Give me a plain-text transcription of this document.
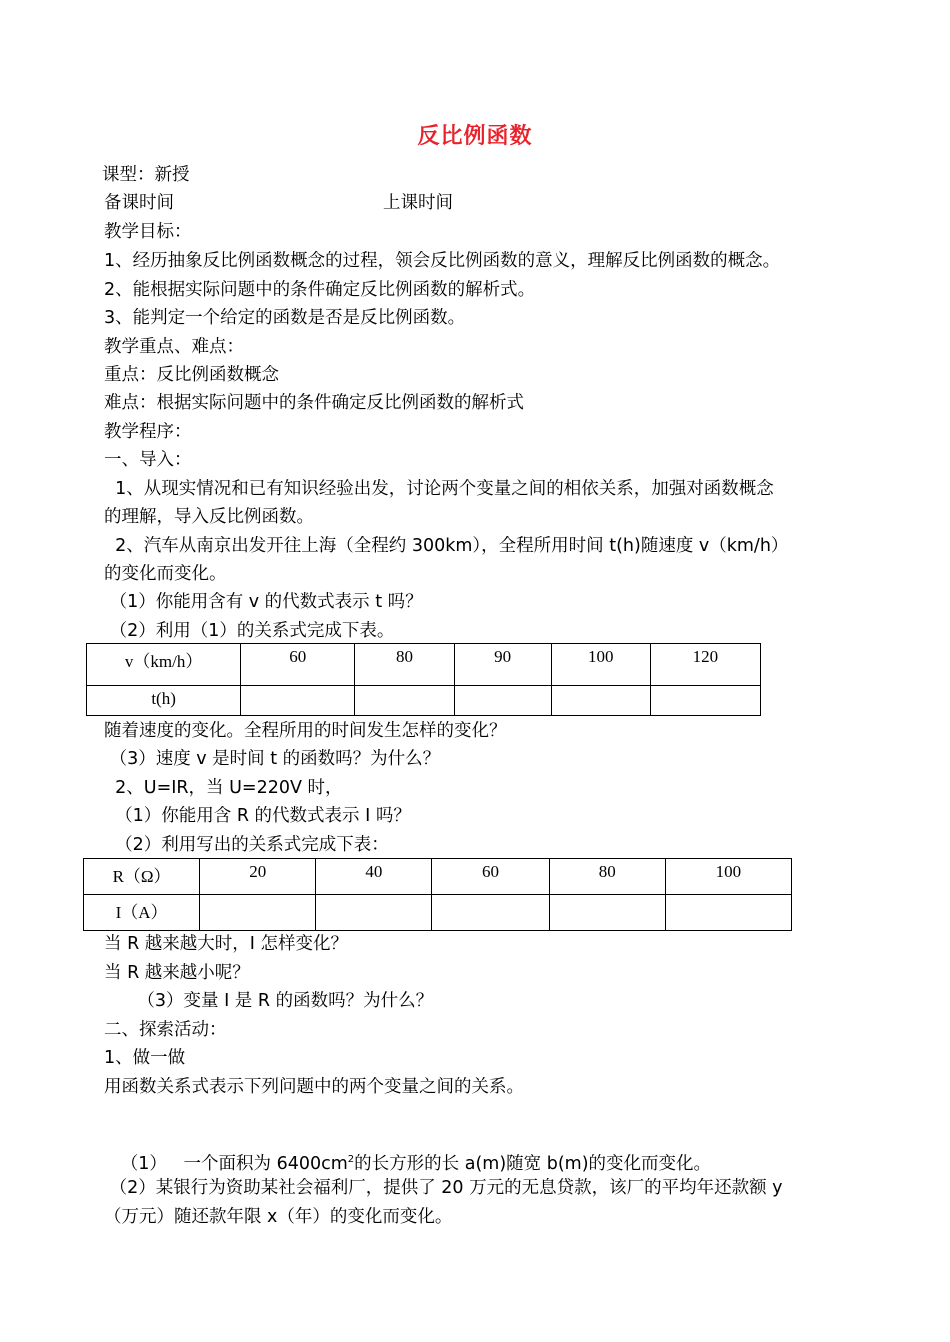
反比例函数
课型：新授
备课时间	上课时间
教学目标：
1、经历抽象反比例函数概念的过程，领会反比例函数的意义，理解反比例函数的概念。
2、能根据实际问题中的条件确定反比例函数的解析式。
3、能判定一个给定的函数是否是反比例函数。
教学重点、难点：
重点：反比例函数概念
难点：根据实际问题中的条件确定反比例函数的解析式
教学程序：
一、导入：
1、从现实情况和已有知识经验出发，讨论两个变量之间的相依关系，加强对函数概念
的理解，导入反比例函数。
2、汽车从南京出发开往上海（全程约 300km），全程所用时间 t(h)随速度 v（km/h）
的变化而变化。
（1）你能用含有 v 的代数式表示 t 吗？
（2）利用（1）的关系式完成下表。
v（km/h）	60	80	90	100	120
t(h)					
随着速度的变化。全程所用的时间发生怎样的变化？
（3）速度 v 是时间 t 的函数吗？为什么？
2、U=IR，当 U=220V 时，
（1）你能用含 R 的代数式表示 I 吗？
（2）利用写出的关系式完成下表：
R（Ω）	20	40	60	80	100
I（A）					
当 R 越来越大时，I 怎样变化？
当 R 越来越小呢？
（3）变量 I 是 R 的函数吗？为什么？
二、探索活动：
1、做一做
用函数关系式表示下列问题中的两个变量之间的关系。

（1）   一个面积为 $6400cm^2$的长方形的长 a(m)随宽 b(m)的变化而变化。

（2）某银行为资助某社会福利厂，提供了 20 万元的无息贷款，该厂的平均年还款额 y
（万元）随还款年限 x（年）的变化而变化。
